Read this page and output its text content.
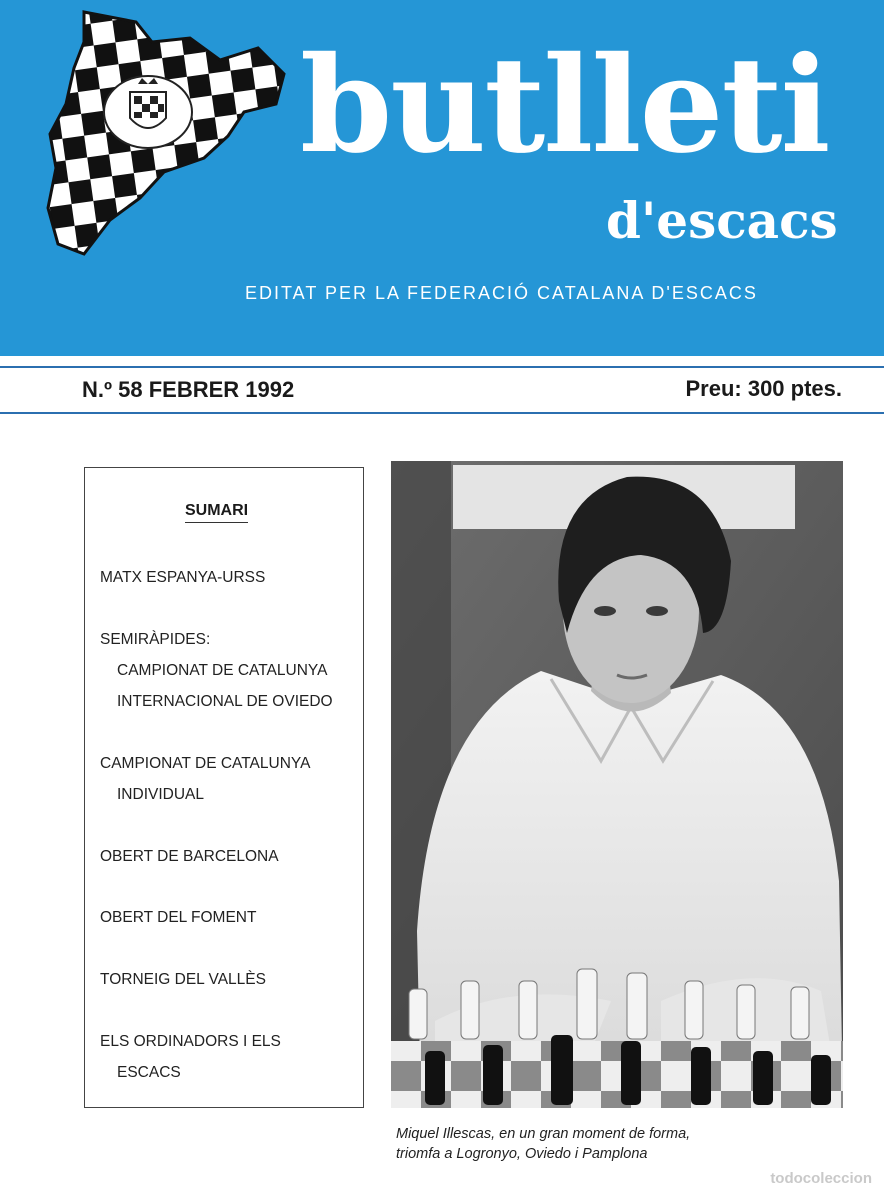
butlleti
d'escacs
EDITAT PER LA FEDERACIÓ CATALANA D'ESCACS
N.º 58 FEBRER 1992	Preu: 300 ptes.
SUMARI
MATX ESPANYA-URSS
SEMIRÀPIDES:
CAMPIONAT DE CATALUNYA
INTERNACIONAL DE OVIEDO
CAMPIONAT DE CATALUNYA
INDIVIDUAL
OBERT DE BARCELONA
OBERT DEL FOMENT
TORNEIG DEL VALLÈS
ELS ORDINADORS I ELS
ESCACS
Miquel Illescas, en un gran moment de forma,
triomfa a Logronyo, Oviedo i Pamplona
todocoleccion
